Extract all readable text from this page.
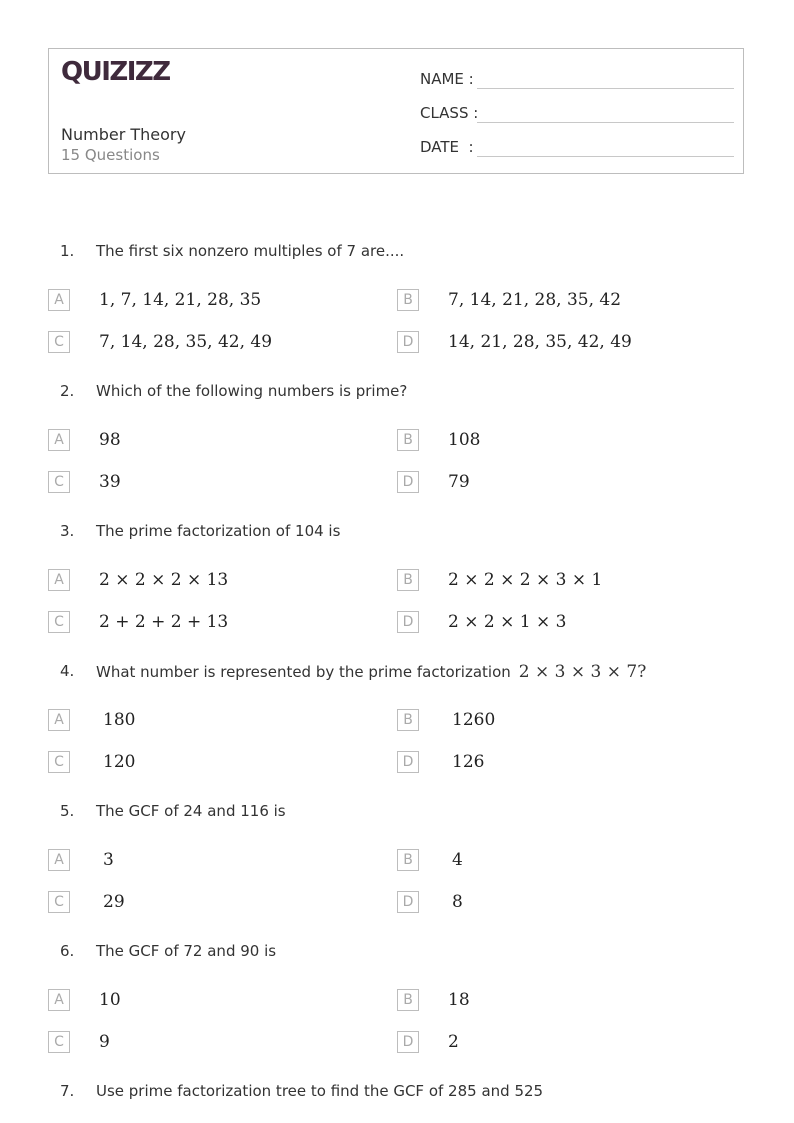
QUIZIZZ
Number Theory
15 Questions
NAME :
CLASS :
DATE  :
1. The first six nonzero multiples of 7 are....
A	1, 7, 14, 21, 28, 35	B	7, 14, 21, 28, 35, 42
C	7, 14, 28, 35, 42, 49	D	14, 21, 28, 35, 42, 49
2. Which of the following numbers is prime?
A	98	B	108
C	39	D	79
3. The prime factorization of 104 is
A	2 × 2 × 2 × 13	B	2 × 2 × 2 × 3 × 1
C	2 + 2 + 2 + 13	D	2 × 2 × 1 × 3
4. What number is represented by the prime factorization 2 × 3 × 3 × 7?
A	180	B	1260
C	120	D	126
5. The GCF of 24 and 116 is
A	3	B	4
C	29	D	8
6. The GCF of 72 and 90 is
A	10	B	18
C	9	D	2
7. Use prime factorization tree to find the GCF of 285 and 525
